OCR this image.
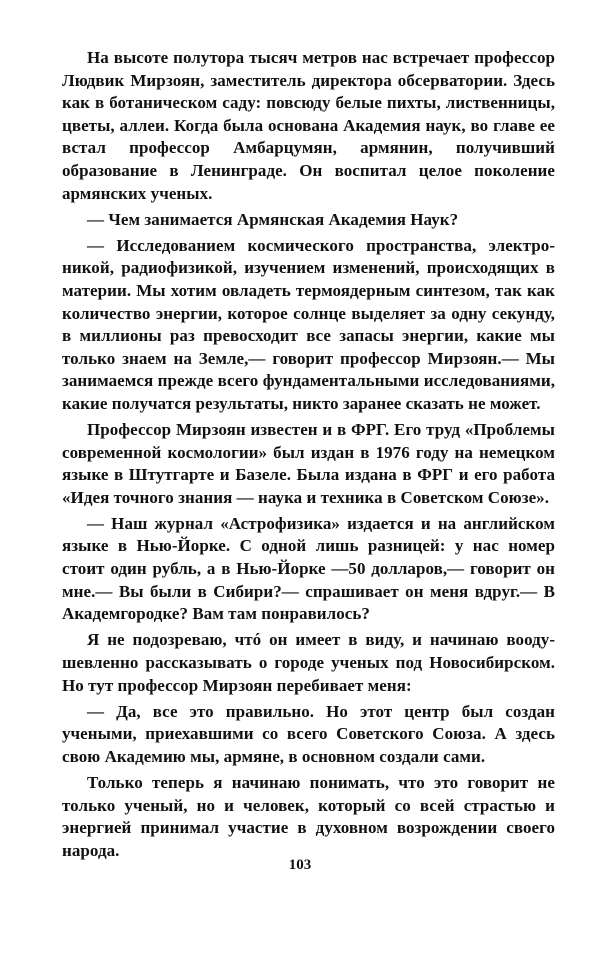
На высоте полутора тысяч метров нас встречает профессор Людвик Мирзоян, заместитель директора обсерватории. Здесь как в ботаническом саду: повсюду белые пихты, лиственницы, цветы, аллеи. Когда была основана Академия наук, во главе ее встал профессор Амбарцумян, армянин, получивший образование в Ленинграде. Он воспитал целое поколение армянских ученых.

— Чем занимается Армянская Академия Наук?

— Исследованием космического пространства, электроникой, радиофизикой, изучением изменений, происходящих в материи. Мы хотим овладеть термоядерным синтезом, так как количество энергии, которое солнце выделяет за одну секунду, в миллионы раз превосходит все запасы энергии, какие мы только знаем на Земле,— говорит профессор Мирзоян.— Мы занимаемся прежде всего фундаментальными исследованиями, какие получатся результаты, никто заранее сказать не может.

Профессор Мирзоян известен и в ФРГ. Его труд «Проблемы современной космологии» был издан в 1976 году на немецком языке в Штутгарте и Базеле. Была издана в ФРГ и его работа «Идея точного знания — наука и техника в Советском Союзе».

— Наш журнал «Астрофизика» издается и на английском языке в Нью-Йорке. С одной лишь разницей: у нас номер стоит один рубль, а в Нью-Йорке —50 долларов,— говорит он мне.— Вы были в Сибири?— спрашивает он меня вдруг.— В Академгородке? Вам там понравилось?

Я не подозреваю, чтó он имеет в виду, и начинаю воодушевленно рассказывать о городе ученых под Новосибирском. Но тут профессор Мирзоян перебивает меня:

— Да, все это правильно. Но этот центр был создан учеными, приехавшими со всего Советского Союза. А здесь свою Академию мы, армяне, в основном создали сами.

Только теперь я начинаю понимать, что это говорит не только ученый, но и человек, который со всей страстью и энергией принимал участие в духовном возрождении своего народа.

103
